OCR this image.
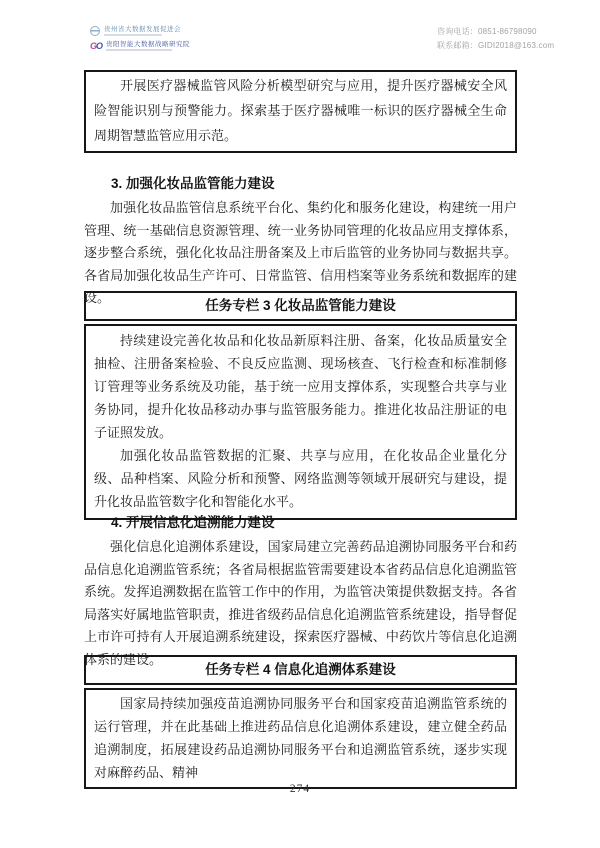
贵州省大数据发展促进会
GO 贵阳智能大数据战略研究院
咨询电话：0851-86798090
联系邮箱：GIDI2018@163.com

开展医疗器械监管风险分析模型研究与应用，提升医疗器械安全风险智能识别与预警能力。探索基于医疗器械唯一标识的医疗器械全生命周期智慧监管应用示范。

3. 加强化妆品监管能力建设
加强化妆品监管信息系统平台化、集约化和服务化建设，构建统一用户管理、统一基础信息资源管理、统一业务协同管理的化妆品应用支撑体系，逐步整合系统，强化化妆品注册备案及上市后监管的业务协同与数据共享。各省局加强化妆品生产许可、日常监管、信用档案等业务系统和数据库的建设。
任务专栏 3 化妆品监管能力建设

持续建设完善化妆品和化妆品新原料注册、备案，化妆品质量安全抽检、注册备案检验、不良反应监测、现场核查、飞行检查和标准制修订管理等业务系统及功能，基于统一应用支撑体系，实现整合共享与业务协同，提升化妆品移动办事与监管服务能力。推进化妆品注册证的电子证照发放。

加强化妆品监管数据的汇聚、共享与应用，在化妆品企业量化分级、品种档案、风险分析和预警、网络监测等领域开展研究与建设，提升化妆品监管数字化和智能化水平。

4. 开展信息化追溯能力建设
强化信息化追溯体系建设，国家局建立完善药品追溯协同服务平台和药品信息化追溯监管系统；各省局根据监管需要建设本省药品信息化追溯监管系统。发挥追溯数据在监管工作中的作用，为监管决策提供数据支持。各省局落实好属地监管职责，推进省级药品信息化追溯监管系统建设，指导督促上市许可持有人开展追溯系统建设，探索医疗器械、中药饮片等信息化追溯体系的建设。
任务专栏 4 信息化追溯体系建设

国家局持续加强疫苗追溯协同服务平台和国家疫苗追溯监管系统的运行管理，并在此基础上推进药品信息化追溯体系建设，建立健全药品追溯制度，拓展建设药品追溯协同服务平台和追溯监管系统，逐步实现对麻醉药品、精神

274
